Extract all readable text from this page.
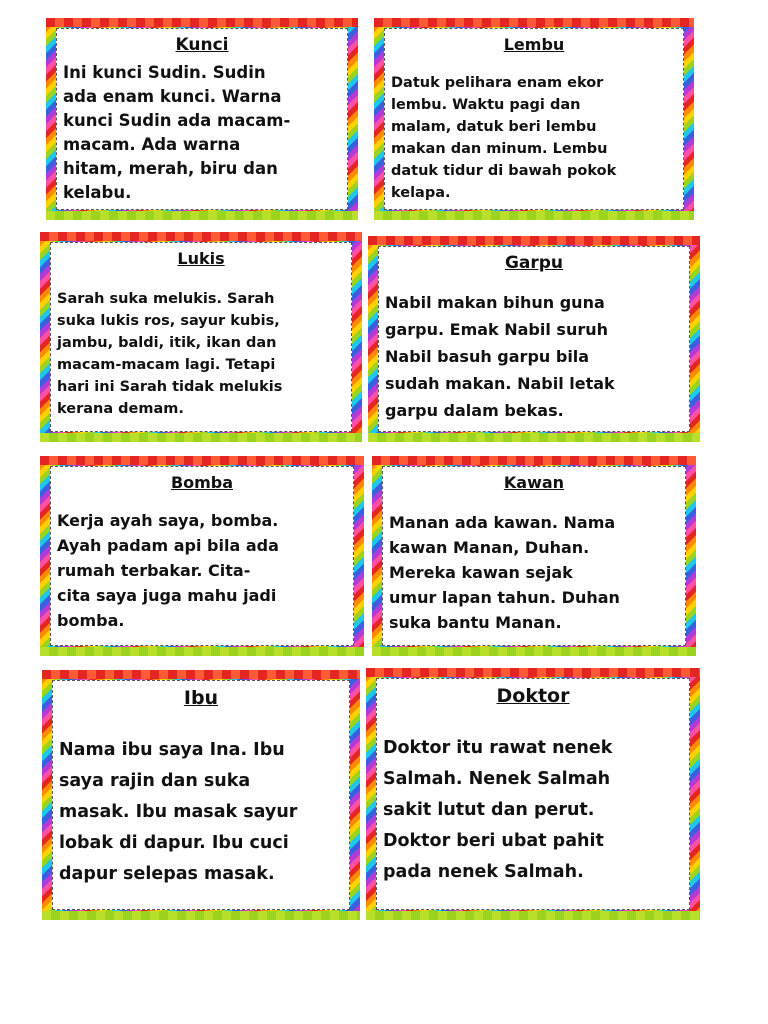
Kunci
Ini kunci Sudin. Sudin
ada enam kunci. Warna
kunci Sudin ada macam-
macam. Ada warna
hitam, merah, biru dan
kelabu.
Lembu
Datuk pelihara enam ekor
lembu. Waktu pagi dan
malam, datuk beri lembu
makan dan minum. Lembu
datuk tidur di bawah pokok
kelapa.
Lukis
Sarah suka melukis. Sarah
suka lukis ros, sayur kubis,
jambu, baldi, itik, ikan dan
macam-macam lagi. Tetapi
hari ini Sarah tidak melukis
kerana demam.
Garpu
Nabil makan bihun guna
garpu. Emak Nabil suruh
Nabil basuh garpu bila
sudah makan. Nabil letak
garpu dalam bekas.
Bomba
Kerja ayah saya, bomba.
Ayah padam api bila ada
rumah terbakar. Cita-
cita saya juga mahu jadi
bomba.
Kawan
Manan ada kawan. Nama
kawan Manan, Duhan.
Mereka kawan sejak
umur lapan tahun. Duhan
suka bantu Manan.
Ibu
Nama ibu saya Ina. Ibu
saya rajin dan suka
masak. Ibu masak sayur
lobak di dapur. Ibu cuci
dapur selepas masak.
Doktor
Doktor itu rawat nenek
Salmah. Nenek Salmah
sakit lutut dan perut.
Doktor beri ubat pahit
pada nenek Salmah.
